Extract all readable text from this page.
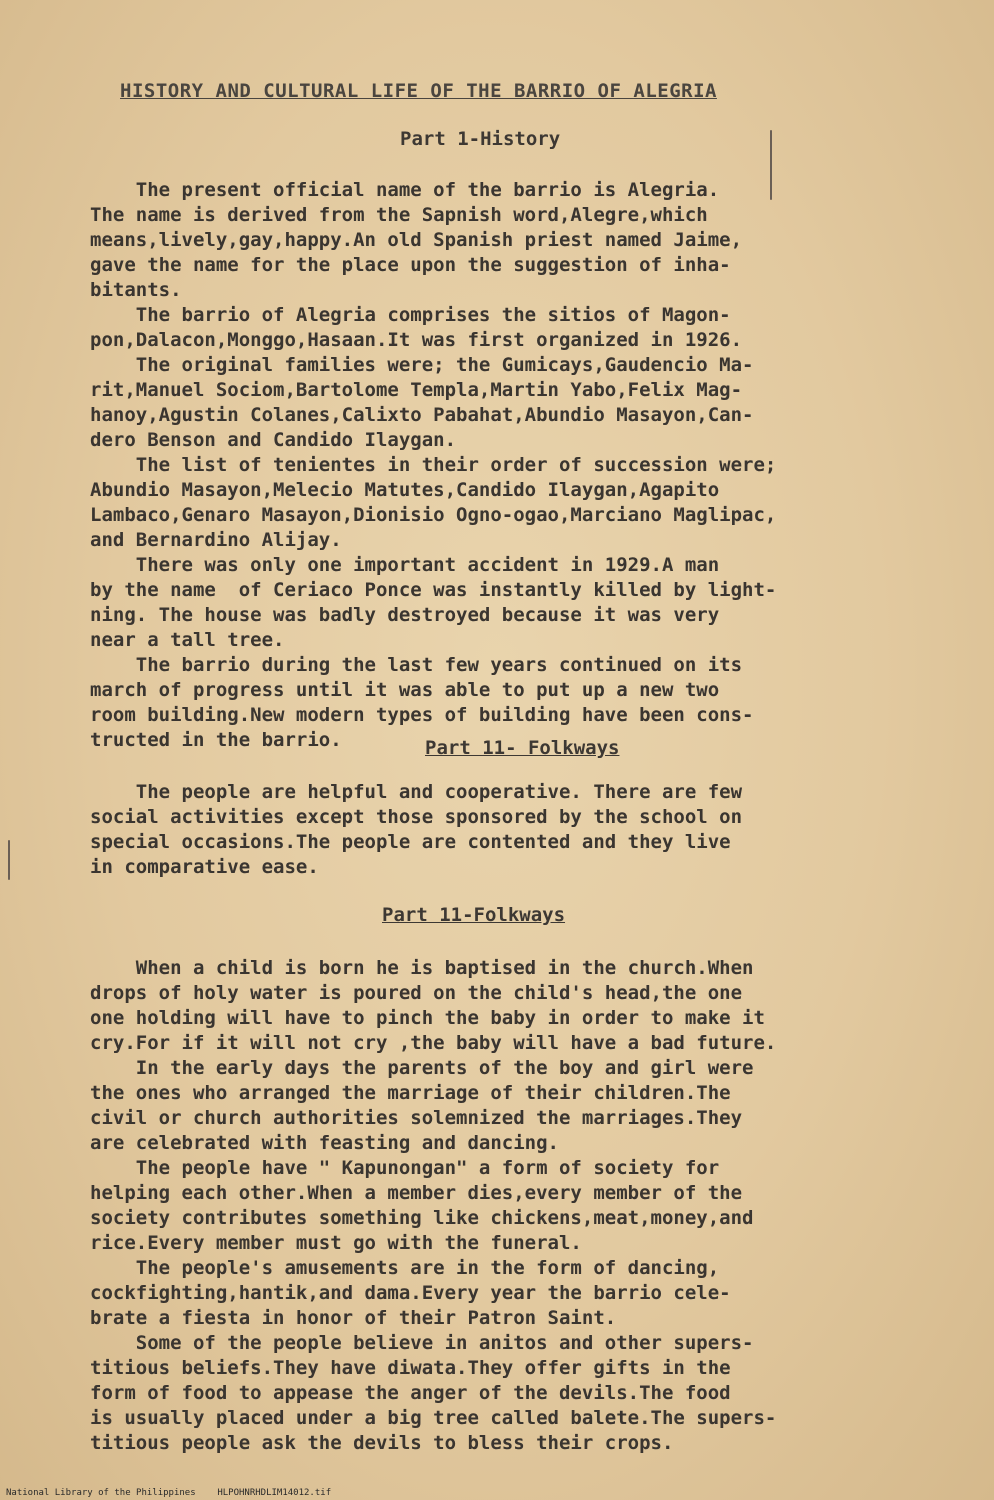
HISTORY AND CULTURAL LIFE OF THE BARRIO OF ALEGRIA
Part 1-History

The present official name of the barrio is Alegria.

The name is derived from the Sapnish word,Alegre,which

means,lively,gay,happy.An old Spanish priest named Jaime,

gave the name for the place upon the suggestion of inha-

bitants.

The barrio of Alegria comprises the sitios of Magon-

pon,Dalacon,Monggo,Hasaan.It was first organized in 1926.

The original families were; the Gumicays,Gaudencio Ma-

rit,Manuel Sociom,Bartolome Templa,Martin Yabo,Felix Mag-

hanoy,Agustin Colanes,Calixto Pabahat,Abundio Masayon,Can-

dero Benson and Candido Ilaygan.

The list of tenientes in their order of succession were;

Abundio Masayon,Melecio Matutes,Candido Ilaygan,Agapito

Lambaco,Genaro Masayon,Dionisio Ogno-ogao,Marciano Maglipac,

and Bernardino Alijay.

There was only one important accident in 1929.A man

by the name  of Ceriaco Ponce was instantly killed by light-

ning. The house was badly destroyed because it was very

near a tall tree.

The barrio during the last few years continued on its

march of progress until it was able to put up a new two

room building.New modern types of building have been cons-

tructed in the barrio.	Part 11- Folkways

The people are helpful and cooperative. There are few

social activities except those sponsored by the school on

special occasions.The people are contented and they live

in comparative ease.

Part 11-Folkways

When a child is born he is baptised in the church.When

drops of holy water is poured on the child's head,the one

one holding will have to pinch the baby in order to make it

cry.For if it will not cry ,the baby will have a bad future.

In the early days the parents of the boy and girl were

the ones who arranged the marriage of their children.The

civil or church authorities solemnized the marriages.They

are celebrated with feasting and dancing.

The people have " Kapunongan" a form of society for

helping each other.When a member dies,every member of the

society contributes something like chickens,meat,money,and

rice.Every member must go with the funeral.

The people's amusements are in the form of dancing,

cockfighting,hantik,and dama.Every year the barrio cele-

brate a fiesta in honor of their Patron Saint.

Some of the people believe in anitos and other supers-

titious beliefs.They have diwata.They offer gifts in the

form of food to appease the anger of the devils.The food

is usually placed under a big tree called balete.The supers-

titious people ask the devils to bless their crops.

National Library of the Philippines    HLPOHNRHDLIM14012.tif
